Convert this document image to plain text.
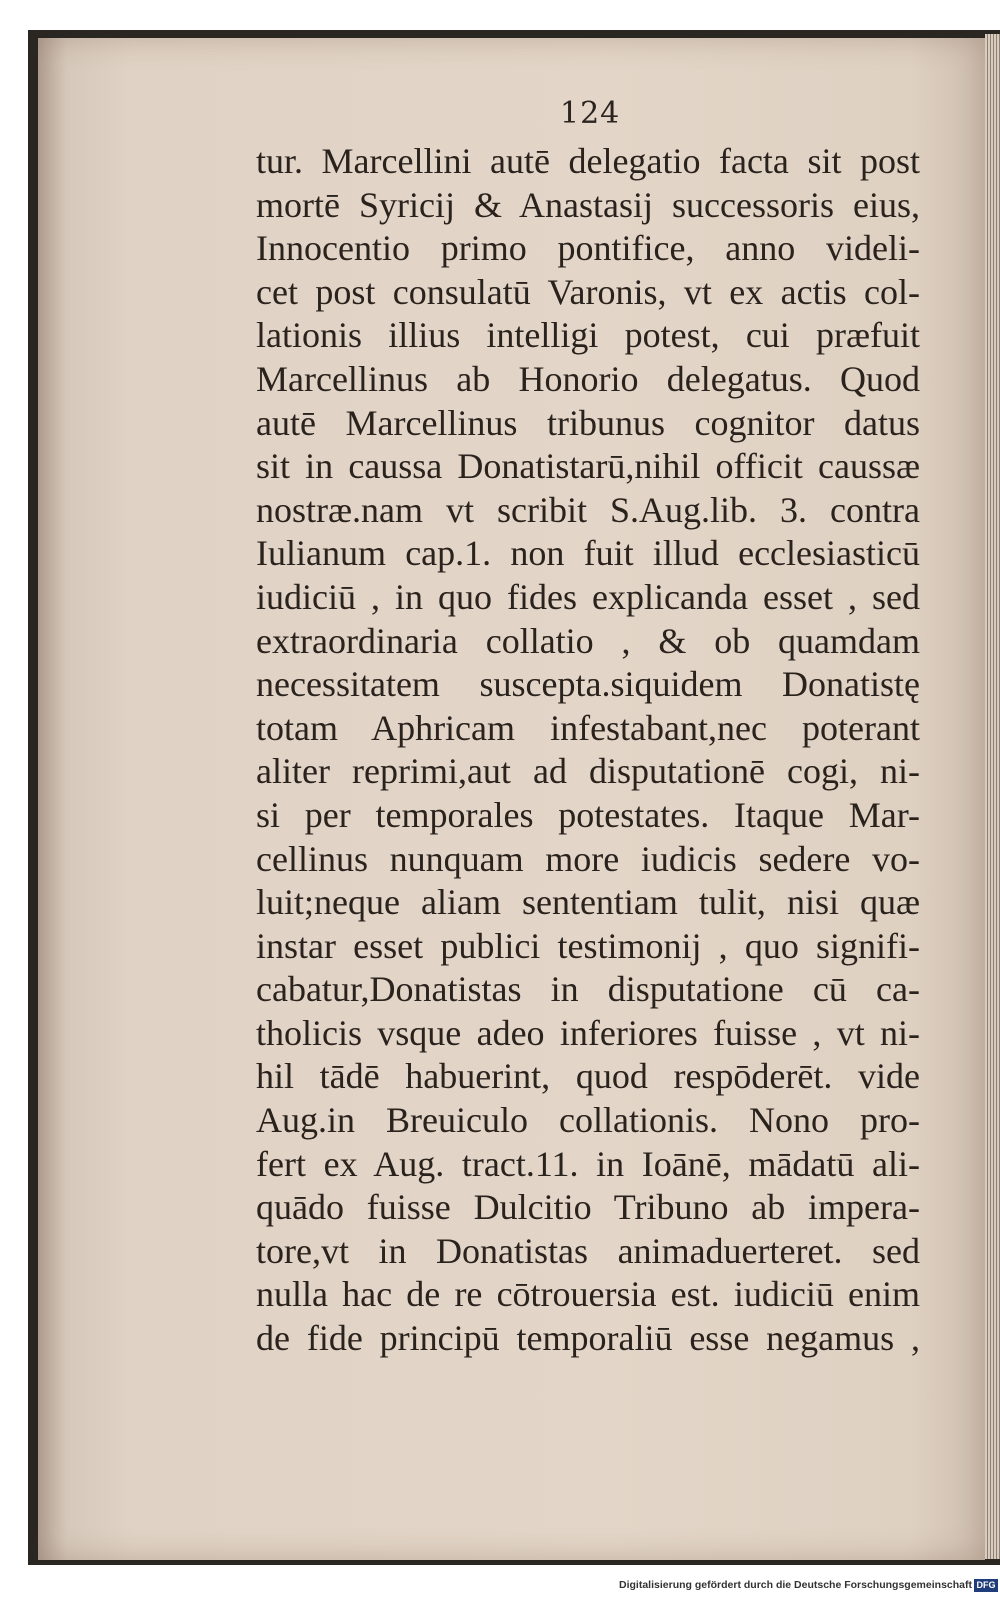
124
tur. Marcellini autē delegatio facta sit post
mortē Syricij & Anastasij successoris eius,
Innocentio primo pontifice, anno videli-
cet post consulatū Varonis, vt ex actis col-
lationis illius intelligi potest, cui præfuit
Marcellinus ab Honorio delegatus. Quod
autē Marcellinus tribunus cognitor datus
sit in caussa Donatistarū,nihil officit caussæ
nostræ.nam vt scribit S.Aug.lib. 3. contra
Iulianum cap.1. non fuit illud ecclesiasticū
iudiciū , in quo fides explicanda esset , sed
extraordinaria collatio , & ob quamdam
necessitatem suscepta.siquidem Donatistę
totam Aphricam infestabant,nec poterant
aliter reprimi,aut ad disputationē cogi, ni-
si per temporales potestates. Itaque Mar-
cellinus nunquam more iudicis sedere vo-
luit;neque aliam sententiam tulit, nisi quæ
instar esset publici testimonij , quo signifi-
cabatur,Donatistas in disputatione cū ca-
tholicis vsque adeo inferiores fuisse , vt ni-
hil tādē habuerint, quod respōderēt. vide
Aug.in Breuiculo collationis. Nono pro-
fert ex Aug. tract.11. in Ioānē, mādatū ali-
quādo fuisse Dulcitio Tribuno ab impera-
tore,vt in Donatistas animaduerteret. sed
nulla hac de re cōtrouersia est. iudiciū enim
de fide principū temporaliū esse negamus ,
Digitalisierung gefördert durch die Deutsche Forschungsgemeinschaft DFG
